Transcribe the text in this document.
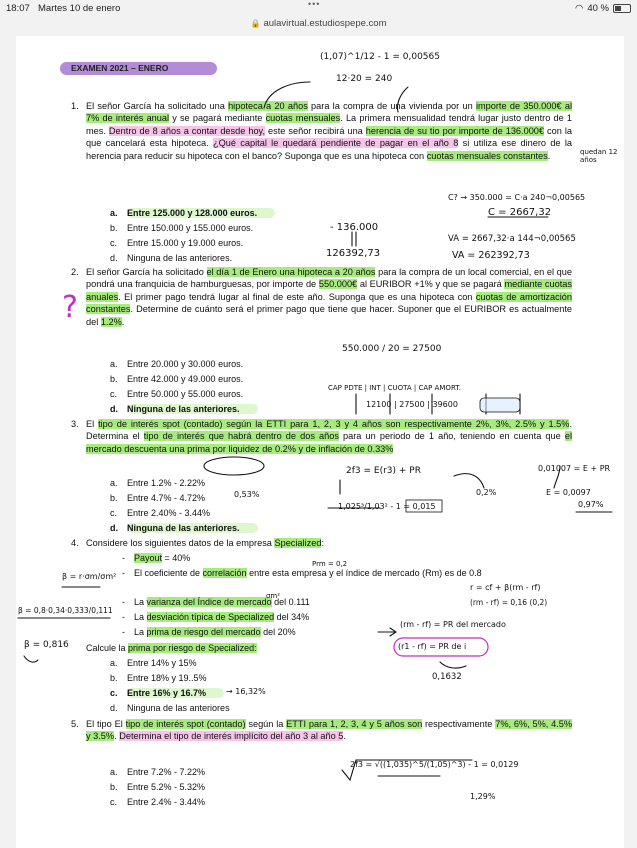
18:07 Martes 10 de enero	•••	◠ 40 %
🔒 aulavirtual.estudiospepe.com
EXAMEN 2021 – ENERO
1. El señor García ha solicitado una hipoteca a 20 años para la compra de una vivienda por un importe de 350.000€ al 7% de interés anual y se pagará mediante cuotas mensuales. La primera mensualidad tendrá lugar justo dentro de 1 mes. Dentro de 8 años a contar desde hoy, este señor recibirá una herencia de su tio por importe de 136.000€ con la que cancelará esta hipoteca. ¿Qué capital le quedará pendiente de pagar en el año 8 si utiliza ese dinero de la herencia para reducir su hipoteca con el banco? Suponga que es una hipoteca con cuotas mensuales constantes.
a. Entre 125.000 y 128.000 euros.
b. Entre 150.000 y 155.000 euros.
c. Entre 15.000 y 19.000 euros.
d. Ninguna de las anteriores.
2. El señor García ha solicitado el día 1 de Enero una hipoteca a 20 años para la compra de un local comercial, en el que pondrá una franquicia de hamburguesas, por importe de 550.000€ al EURIBOR +1% y que se pagará mediante cuotas anuales. El primer pago tendrá lugar al final de este año. Suponga que es una hipoteca con cuotas de amortización constantes. Determine de cuánto será el primer pago que tiene que hacer. Suponer que el EURIBOR es actualmente del 1.2%.
a. Entre 20.000 y 30.000 euros.
b. Entre 42.000 y 49.000 euros.
c. Entre 50.000 y 55.000 euros.
d. Ninguna de las anteriores.
3. El tipo de interés spot (contado) según la ETTI para 1, 2, 3 y 4 años son respectivamente 2%, 3%, 2.5% y 1.5%. Determina el tipo de interés que habrá dentro de dos años para un periodo de 1 año, teniendo en cuenta que el mercado descuenta una prima por liquidez de 0.2% y de inflación de 0.33%
a. Entre 1.2% - 2.22%
b. Entre 4.7% - 4.72%
c. Entre 2.40% - 3.44%
d. Ninguna de las anteriores.
4. Considere los siguientes datos de la empresa Specialized:
- Payout = 40%
- El coeficiente de correlación entre esta empresa y el índice de mercado (Rm) es de 0.8
- La varianza del Índice de mercado del 0.111
- La desviación típica de Specialized del 34%
- La prima de riesgo del mercado del 20%
Calcule la prima por riesgo de Specialized:
a. Entre 14% y 15%
b. Entre 18% y 19..5%
c. Entre 16% y 16.7%
d. Ninguna de las anteriores
5. El tipo El tipo de interés spot (contado) según la ETTI para 1, 2, 3, 4 y 5 años son respectivamente 7%, 6%, 5%, 4.5% y 3.5%. Determina el tipo de interés implícito del año 3 al año 5.
a. Entre 7.2% - 7.22%
b. Entre 5.2% - 5.32%
c. Entre 2.4% - 3.44%
(1,07)^1/12 - 1 = 0,00565
12·20 = 240
C? → 350.000 = C·a 240¬0,00565
C = 2667,32
quedan 12 años
- 136.000
126392,73
VA = 2667,32·a 144¬0,00565
VA = 262392,73
?
550.000 / 20 = 27500
CAP PDTE | INT | CUOTA | CAP AMORT.
12100 | 27500 | 39600
2f3 = E(r3) + PR	0,01007 = E + PR
E = 0,0097
0,97%
0,53%
1,025³/1,03² - 1 = 0,015
0,2%
β = r·σm/σm²
β = 0,8·0,34·0,333/0,111
β = 0,816
r = cf + β(rm - rf)
(rm - rf) = 0,16 (0,2)
(rm - rf) = PR del mercado
(r1 - rf) = PR de i
0,1632
→ 16,32%
2f3 = √((1,035)^5/(1,05)^3) - 1 = 0,0129
1,29%
Prm = 0,2
σm²
